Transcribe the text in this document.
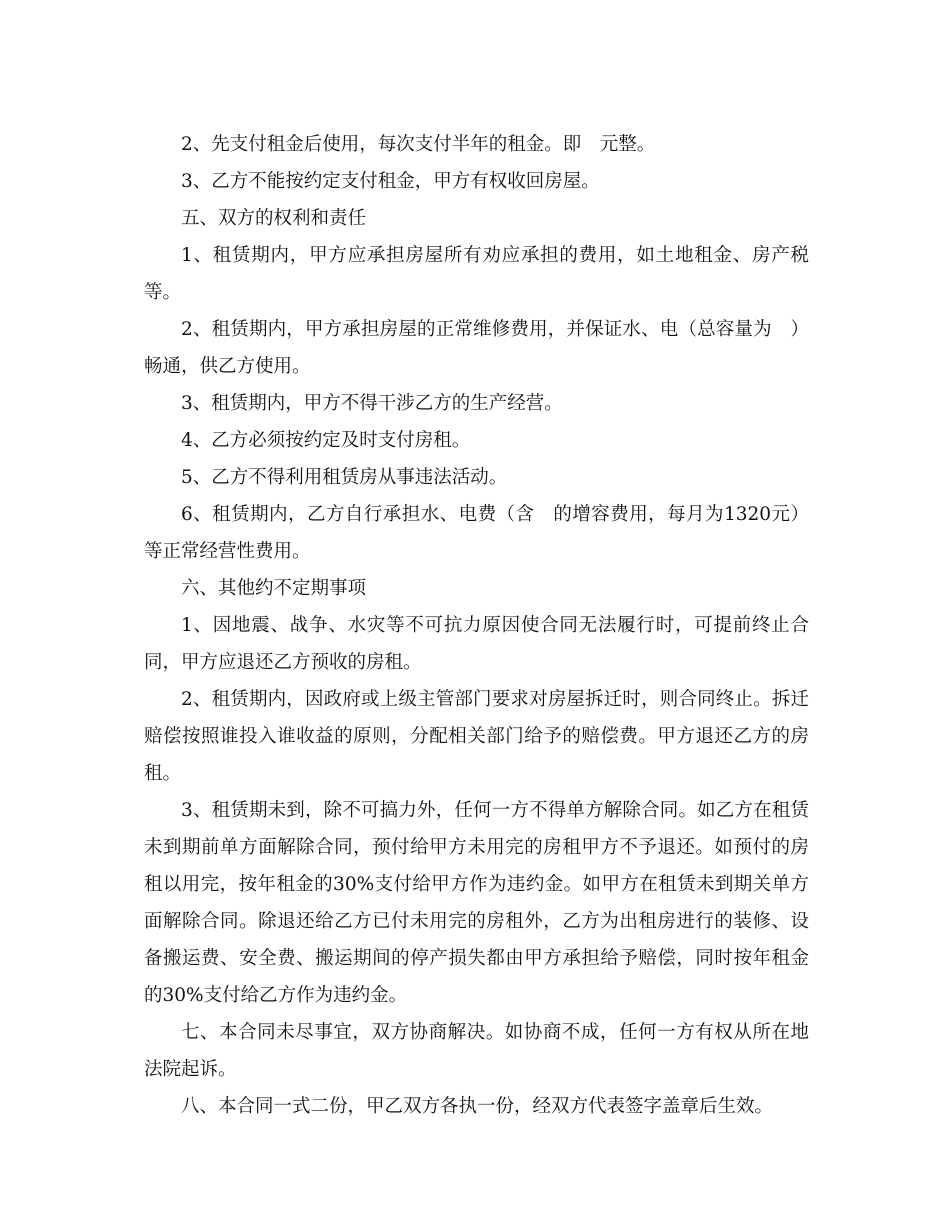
2、先支付租金后使用，每次支付半年的租金。即　元整。

3、乙方不能按约定支付租金，甲方有权收回房屋。

五、双方的权利和责任

1、租赁期内，甲方应承担房屋所有劝应承担的费用，如土地租金、房产税等。

2、租赁期内，甲方承担房屋的正常维修费用，并保证水、电（总容量为　）畅通，供乙方使用。

3、租赁期内，甲方不得干涉乙方的生产经营。

4、乙方必须按约定及时支付房租。

5、乙方不得利用租赁房从事违法活动。

6、租赁期内，乙方自行承担水、电费（含　的增容费用，每月为1320元）等正常经营性费用。

六、其他约不定期事项

1、因地震、战争、水灾等不可抗力原因使合同无法履行时，可提前终止合同，甲方应退还乙方预收的房租。

2、租赁期内，因政府或上级主管部门要求对房屋拆迁时，则合同终止。拆迁赔偿按照谁投入谁收益的原则，分配相关部门给予的赔偿费。甲方退还乙方的房租。

3、租赁期未到，除不可搞力外，任何一方不得单方解除合同。如乙方在租赁未到期前单方面解除合同，预付给甲方未用完的房租甲方不予退还。如预付的房租以用完，按年租金的30%支付给甲方作为违约金。如甲方在租赁未到期关单方面解除合同。除退还给乙方已付未用完的房租外，乙方为出租房进行的装修、设备搬运费、安全费、搬运期间的停产损失都由甲方承担给予赔偿，同时按年租金的30%支付给乙方作为违约金。

七、本合同未尽事宜，双方协商解决。如协商不成，任何一方有权从所在地法院起诉。

八、本合同一式二份，甲乙双方各执一份，经双方代表签字盖章后生效。
